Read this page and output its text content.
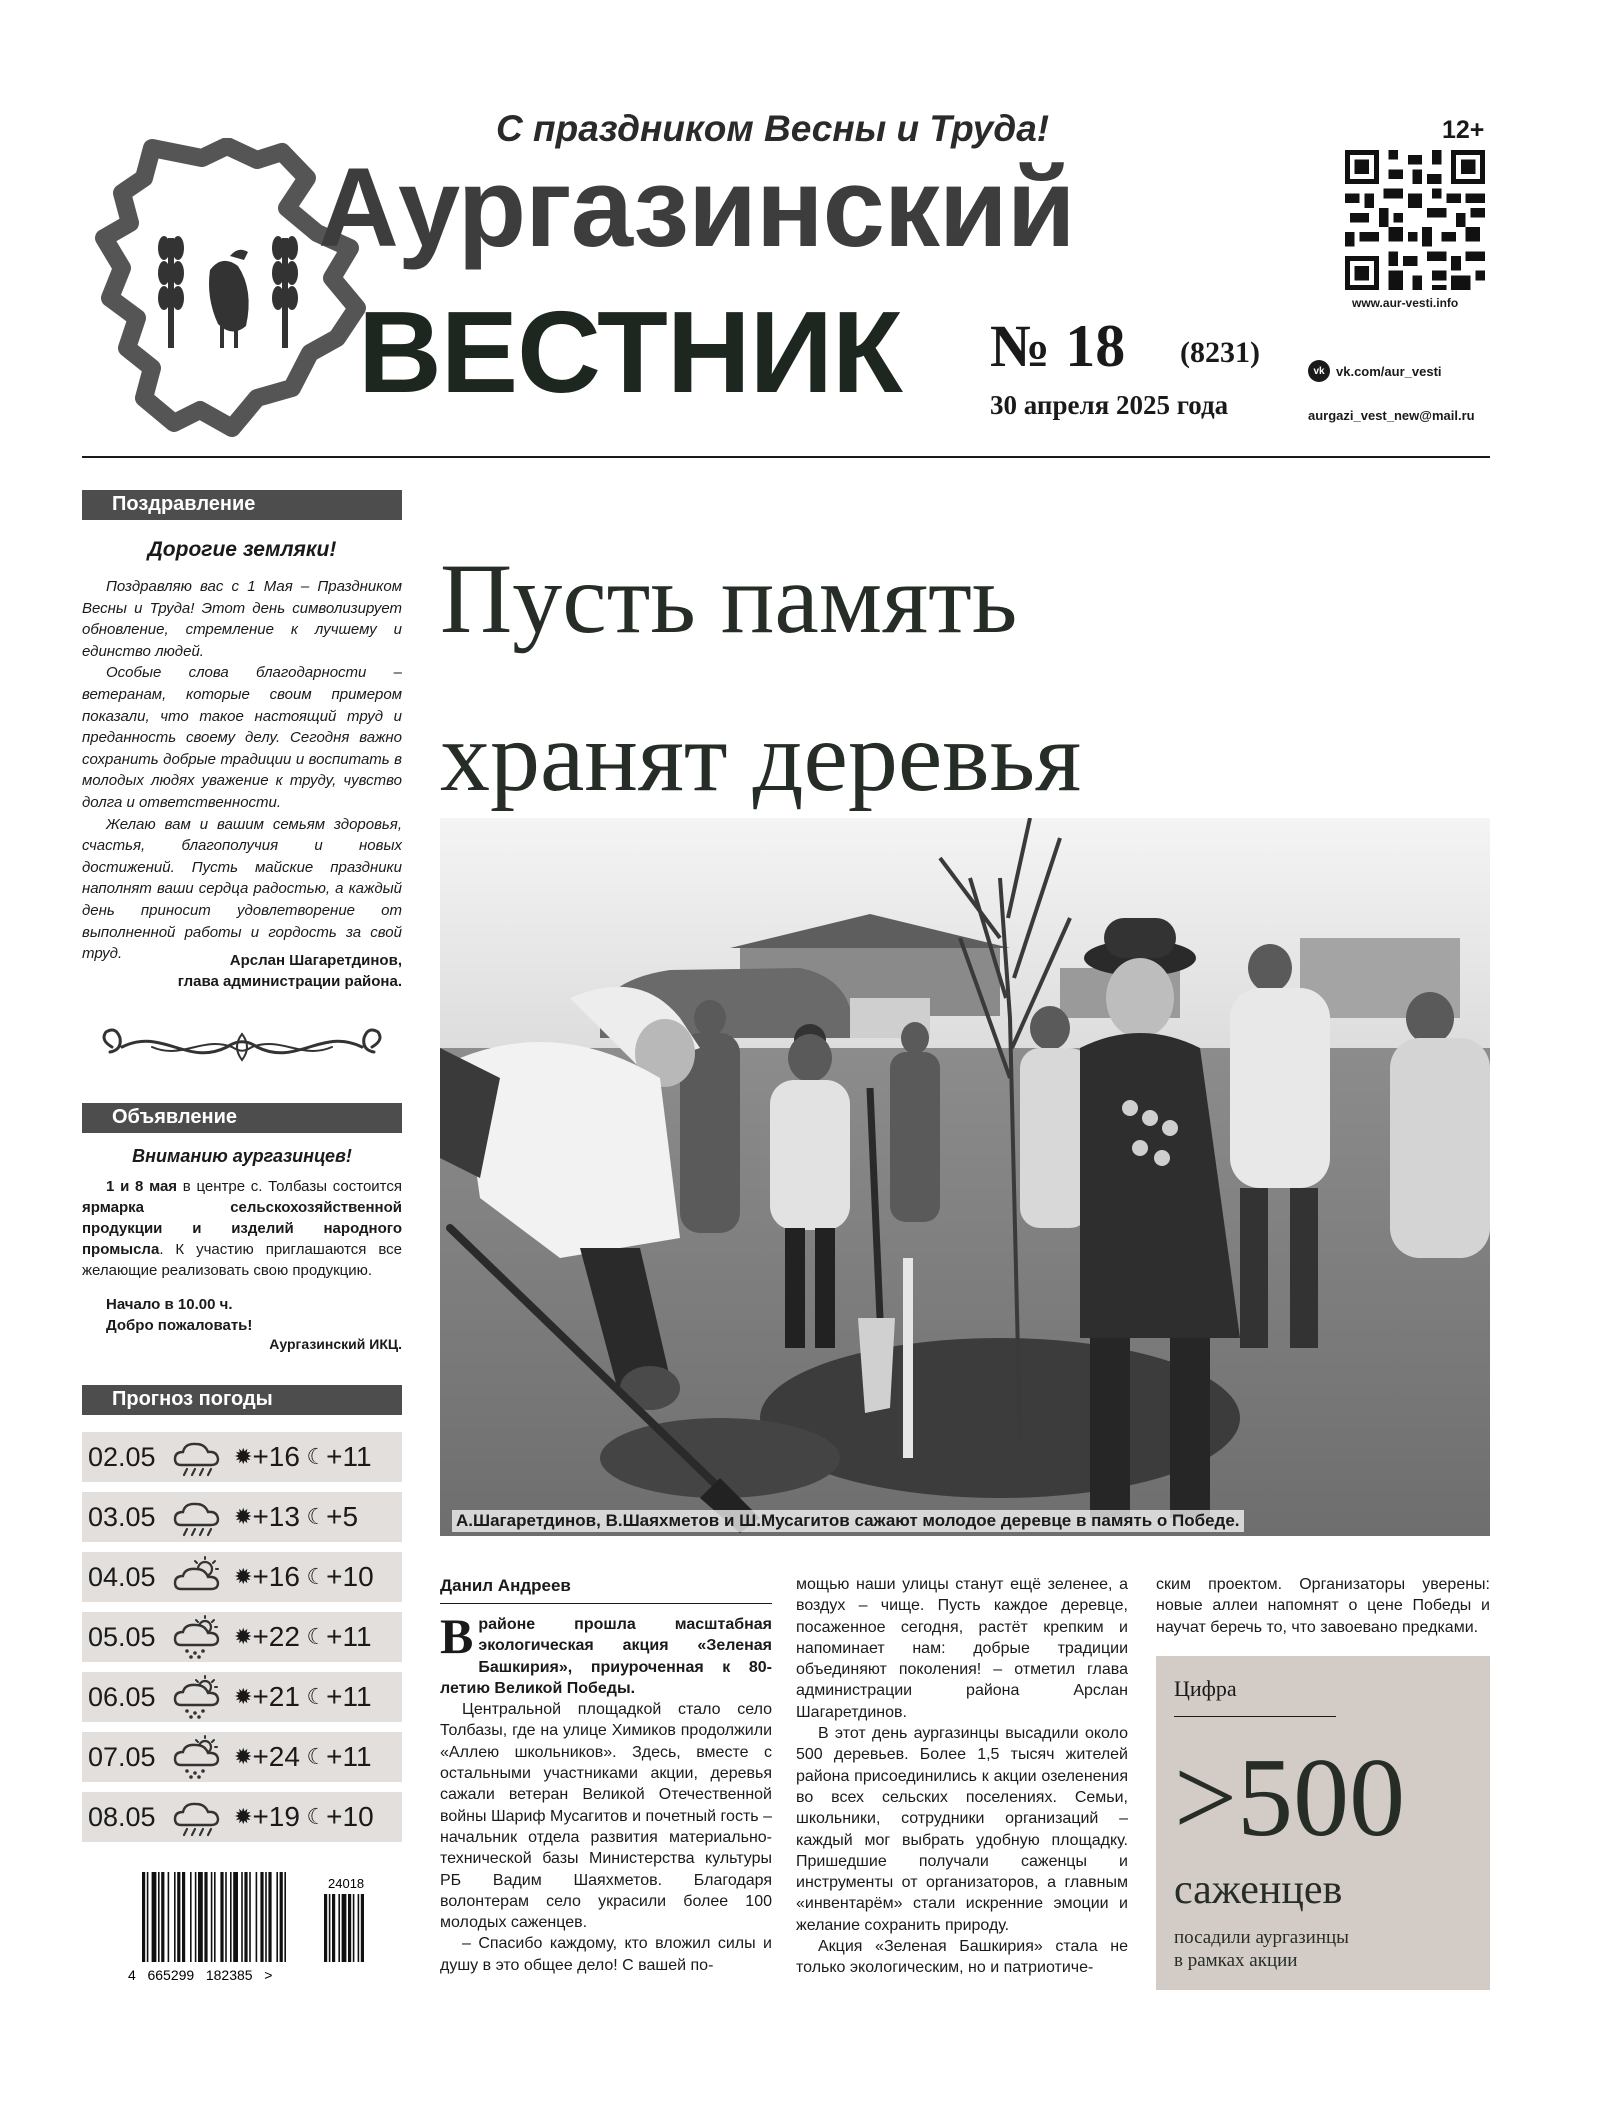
С праздником Весны и Труда!
Аургазинский
ВЕСТНИК № 18 (8231)
30 апреля 2025 года
12+
www.aur-vesti.info
vk vk.com/aur_vesti
aurgazi_vest_new@mail.ru
Поздравление
Дорогие земляки!

Поздравляю вас с 1 Мая – Праздником Весны и Труда! Этот день символизирует обновление, стремление к лучшему и единство людей.

Особые слова благодарности – ветеранам, которые своим примером показали, что такое настоящий труд и преданность своему делу. Сегодня важно сохранить добрые традиции и воспитать в молодых людях уважение к труду, чувство долга и ответственности.

Желаю вам и вашим семьям здоровья, счастья, благополучия и новых достижений. Пусть майские праздники наполнят ваши сердца радостью, а каждый день приносит удовлетворение от выполненной работы и гордость за свой труд.	Арслан Шагаретдинов,
глава администрации района.
Объявление
Вниманию аургазинцев!

1 и 8 мая в центре с. Толбазы состоится ярмарка сельскохозяйственной продукции и изделий народного промысла. К участию приглашаются все желающие реализовать свою продукцию.

Начало в 10.00 ч.
Добро пожаловать!
Аургазинский ИКЦ.
Прогноз погоды
02.05	✹ +16 ☾ +11
03.05	✹ +13 ☾ +5
04.05	✹ +16 ☾ +10
05.05	✹ +22 ☾ +11
06.05	✹ +21 ☾ +11
07.05	✹ +24 ☾ +11
08.05	✹ +19 ☾ +10
24018
4   665299   182385   >
Пусть память
хранят деревья
А.Шагаретдинов, В.Шаяхметов и Ш.Мусагитов сажают молодое деревце в память о Победе.
Данил Андреев

Врайоне прошла масштабная экологическая акция «Зеленая Башкирия», приуроченная к 80-летию Великой Победы.

Центральной площадкой стало село Толбазы, где на улице Химиков продолжили «Аллею школьников». Здесь, вместе с остальными участниками акции, деревья сажали ветеран Великой Отечественной войны Шариф Мусагитов и почетный гость – начальник отдела развития материально-технической базы Министерства культуры РБ Вадим Шаяхметов. Благодаря волонтерам село украсили более 100 молодых саженцев.

– Спасибо каждому, кто вложил силы и душу в это общее дело! С вашей по-

мощью наши улицы станут ещё зеленее, а воздух – чище. Пусть каждое деревце, посаженное сегодня, растёт крепким и напоминает нам: добрые традиции объединяют поколения! – отметил глава администрации района Арслан Шагаретдинов.

В этот день аургазинцы высадили около 500 деревьев. Более 1,5 тысяч жителей района присоединились к акции озеленения во всех сельских поселениях. Семьи, школьники, сотрудники организаций – каждый мог выбрать удобную площадку. Пришедшие получали саженцы и инструменты от организаторов, а главным «инвентарём» стали искренние эмоции и желание сохранить природу.

Акция «Зеленая Башкирия» стала не только экологическим, но и патриотиче-

ским проектом. Организаторы уверены: новые аллеи напомнят о цене Победы и научат беречь то, что завоевано предками.

Цифра
>500
саженцев
посадили аургазинцы
в рамках акции
